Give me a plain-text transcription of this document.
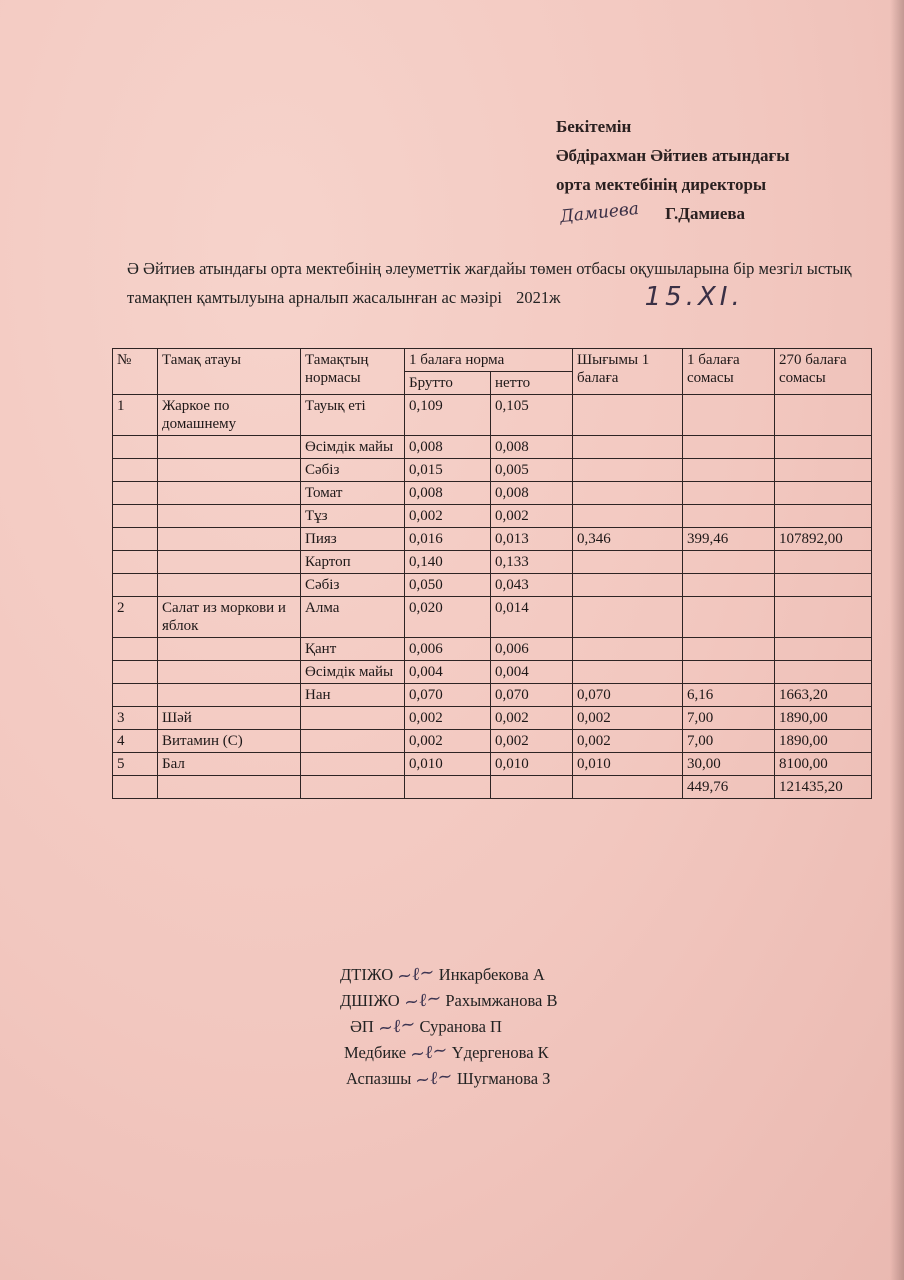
Бекітемін
Әбдірахман Әйтиев атындағы
орта мектебінің директоры
Дамиева Г.Дамиева
Ә Әйтиев атындағы орта мектебінің әлеуметтік жағдайы төмен отбасы оқушыларына бір мезгіл ыстық тамақпен қамтылуына арналып жасалынған ас мәзірі 2021ж	15.XI.
№	Тамақ атауы	Тамақтың нормасы	1 балаға норма		Шығымы 1 балаға	1 балаға сомасы	270 балаға сомасы
			Брутто	нетто			
1	Жаркое по домашнему	Тауық еті	0,109	0,105			
		Өсімдік майы	0,008	0,008			
		Сәбіз	0,015	0,005			
		Томат	0,008	0,008			
		Тұз	0,002	0,002			
		Пияз	0,016	0,013	0,346	399,46	107892,00
		Картоп	0,140	0,133			
		Сәбіз	0,050	0,043			
2	Салат из моркови и яблок	Алма	0,020	0,014			
		Қант	0,006	0,006			
		Өсімдік майы	0,004	0,004			
		Нан	0,070	0,070	0,070	6,16	1663,20
3	Шәй		0,002	0,002	0,002	7,00	1890,00
4	Витамин (С)		0,002	0,002	0,002	7,00	1890,00
5	Бал		0,010	0,010	0,010	30,00	8100,00
						449,76	121435,20
ДТІЖО ~ℓ~ Инкарбекова А
ДШІЖО ~ℓ~ Рахымжанова В
ӘП ~ℓ~ Суранова П
Медбике ~ℓ~ Үдергенова К
Аспазшы ~ℓ~ Шугманова З
